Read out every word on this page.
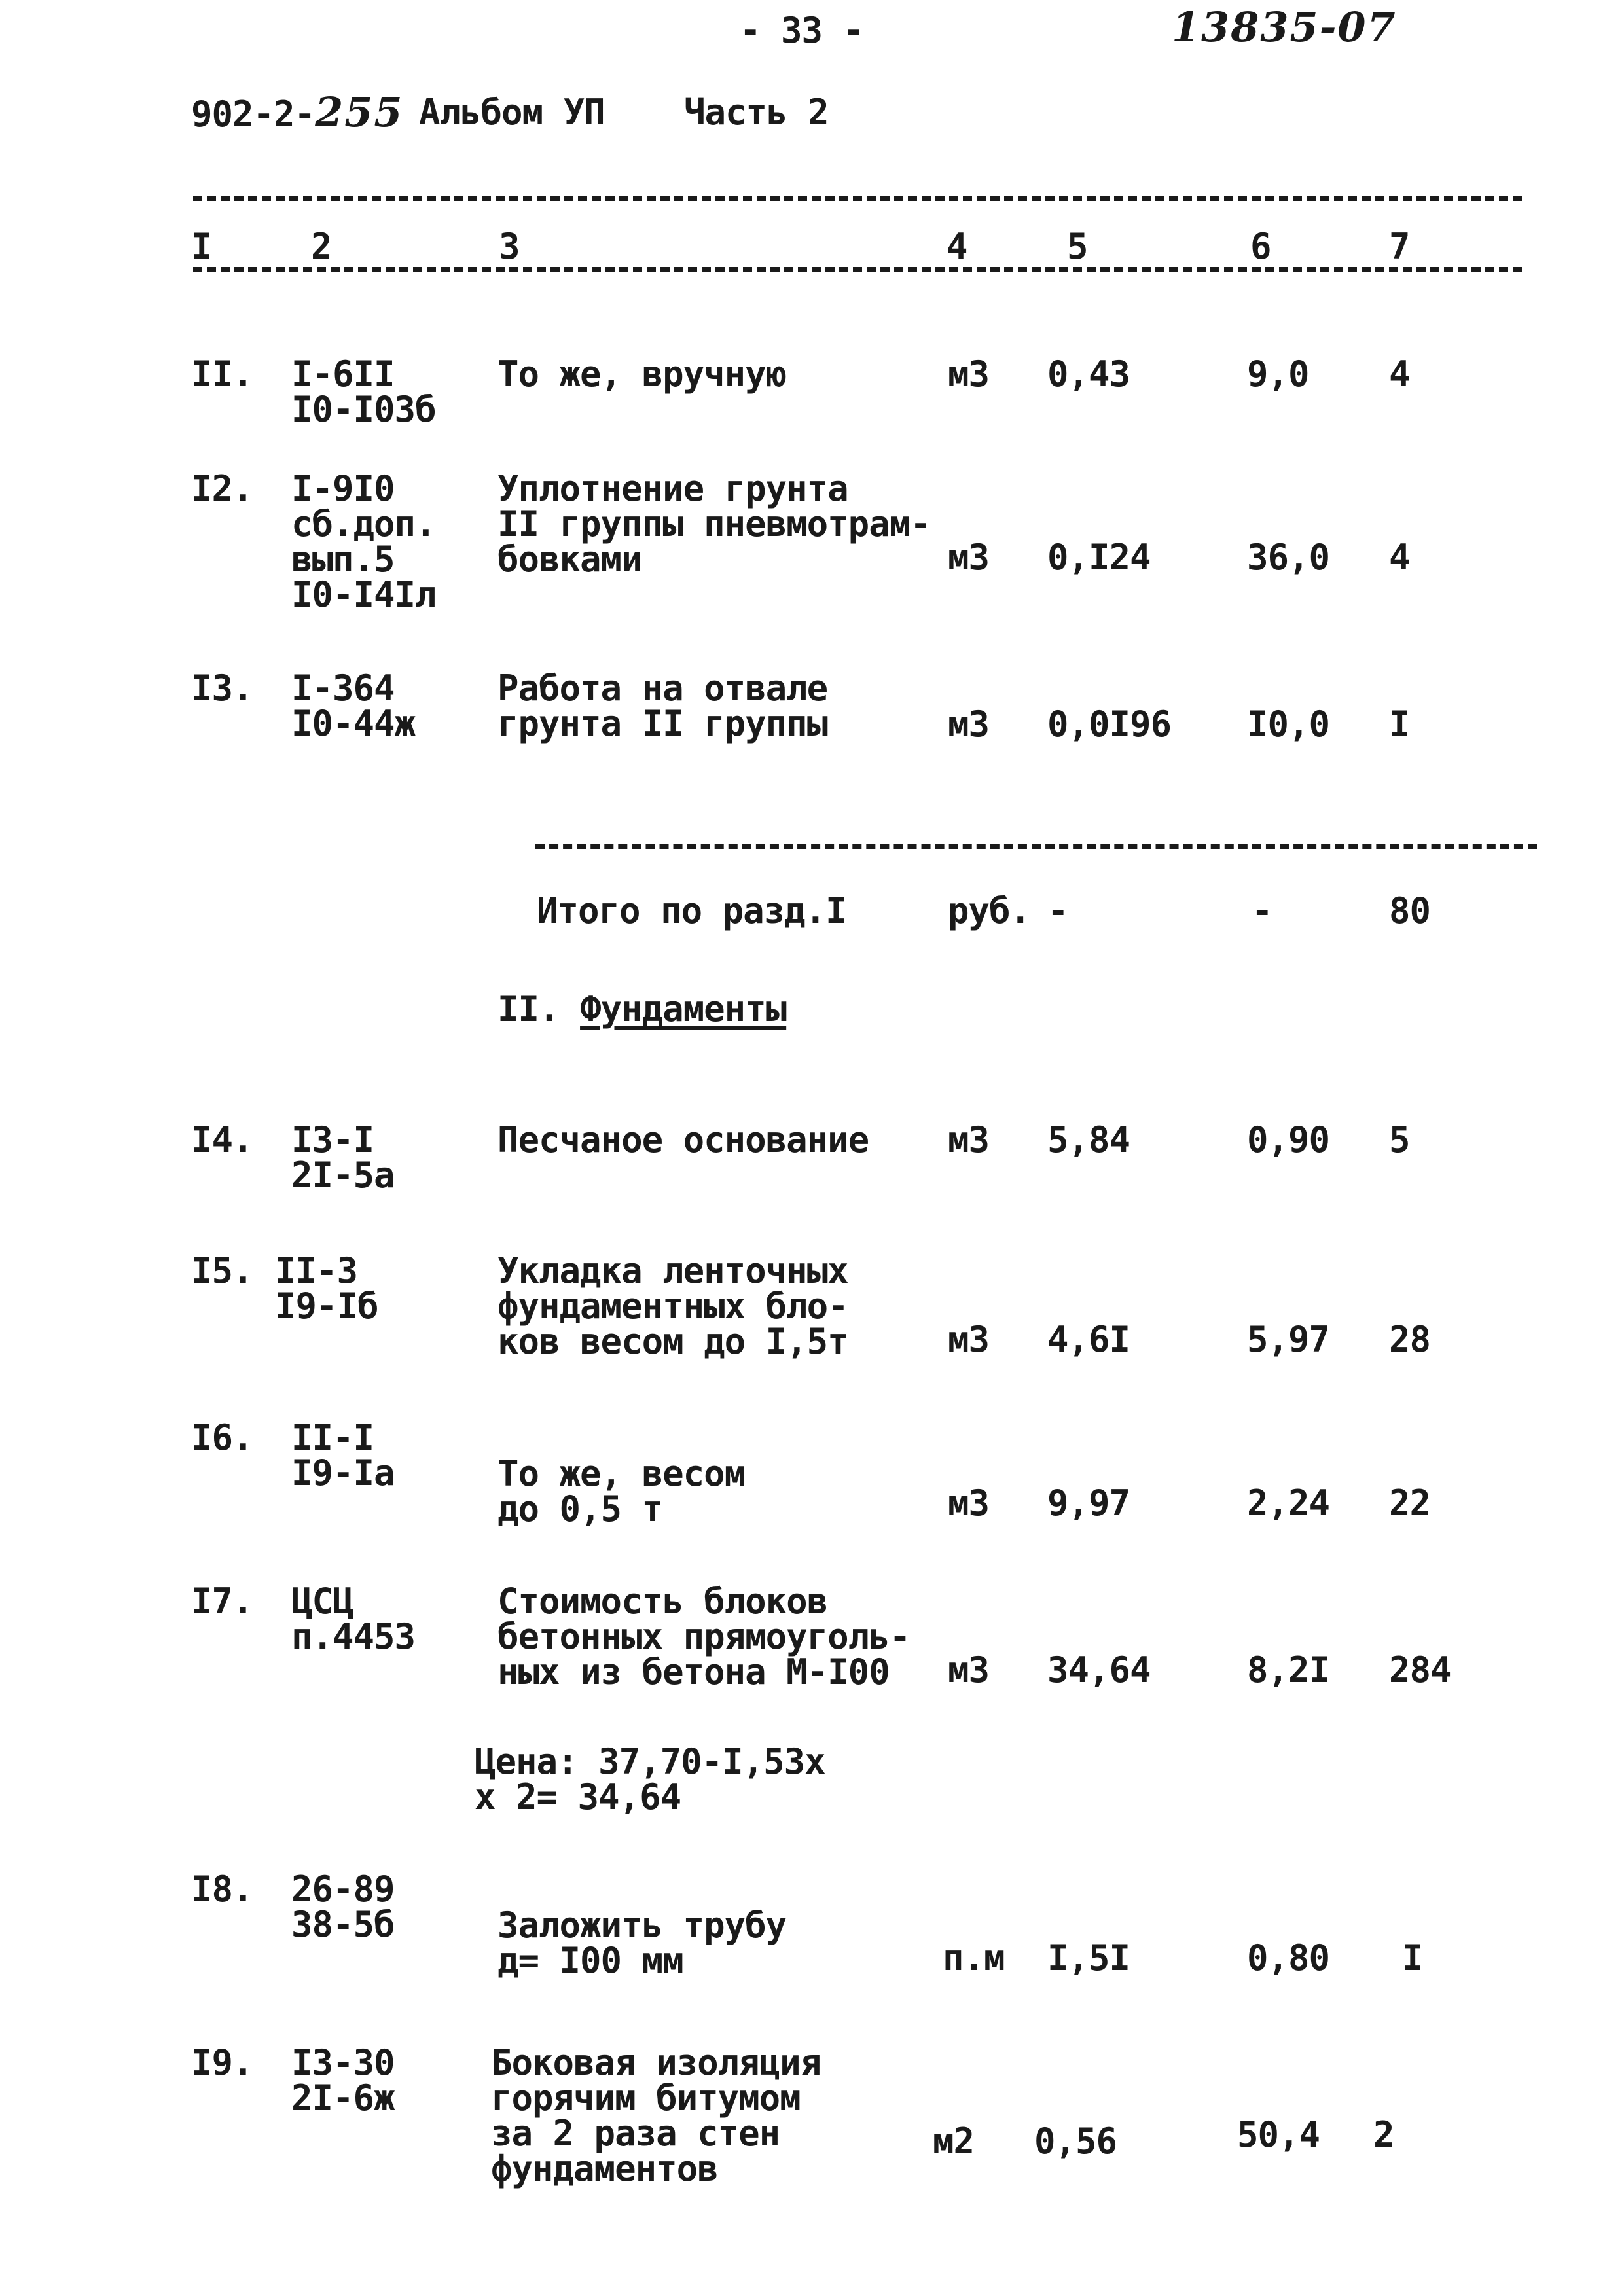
- 33 -	13835-07
902-2-255 Альбом УП Часть 2
I	2	3	4	5	6	7
II. I-6II
I0-I03б
То же, вручную	м3 0,43	9,0 4
I2. I-9I0
сб.доп.
вып.5
I0-I4Iл
Уплотнение грунта
II группы пневмотрам-
бовками	м3 0,I24	36,0 4
I3. I-364
I0-44ж
Работа на отвале
грунта II группы	м3 0,0I96 I0,0 I
Итого по разд.I	руб. -	-	80
II. Фундаменты
I4. I3-I
2I-5а
Песчаное основание м3 5,84	0,90 5
I5. II-3
I9-Iб
Укладка ленточных
фундаментных бло-
ков весом до I,5т	м3 4,6I	5,97 28
I6. II-I
I9-Iа	То же, весом
до 0,5 т	м3 9,97	2,24 22
I7. ЦСЦ
п.4453
Стоимость блоков
бетонных прямоуголь-
ных из бетона М-I00	м3 34,64	8,2I 284
Цена: 37,70-I,53х
х 2= 34,64
I8. 26-89
38-5б	Заложить трубу
д= I00 мм	п.м I,5I	0,80 I
I9. I3-30
2I-6ж
Боковая изоляция
горячим битумом
за 2 раза стен
фундаментов
м2 0,56	50,4 2
